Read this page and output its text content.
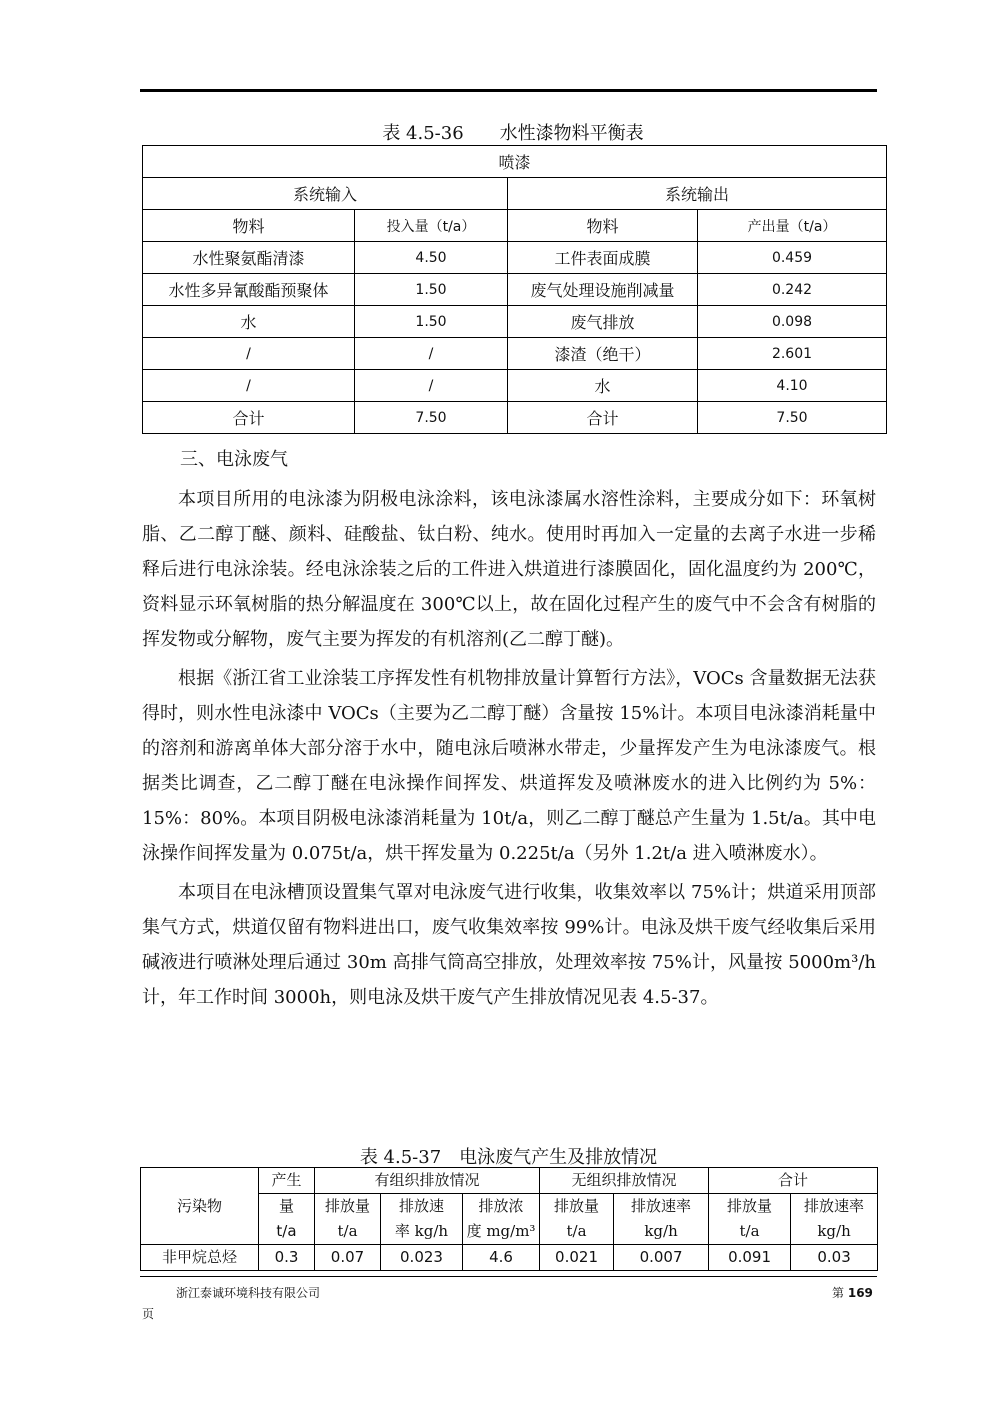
表 4.5-36　　水性漆物料平衡表
喷漆			
系统输入		系统输出	
物料	投入量（t/a）	物料	产出量（t/a）
水性聚氨酯清漆	4.50	工件表面成膜	0.459
水性多异氰酸酯预聚体	1.50	废气处理设施削减量	0.242
水	1.50	废气排放	0.098
/	/	漆渣（绝干）	2.601
/	/	水	4.10
合计	7.50	合计	7.50
三、电泳废气

本项目所用的电泳漆为阴极电泳涂料，该电泳漆属水溶性涂料，主要成分如下：环氧树脂、乙二醇丁醚、颜料、硅酸盐、钛白粉、纯水。使用时再加入一定量的去离子水进一步稀释后进行电泳涂装。经电泳涂装之后的工件进入烘道进行漆膜固化，固化温度约为 200℃，资料显示环氧树脂的热分解温度在 300℃以上，故在固化过程产生的废气中不会含有树脂的挥发物或分解物，废气主要为挥发的有机溶剂(乙二醇丁醚)。

根据《浙江省工业涂装工序挥发性有机物排放量计算暂行方法》，VOCs 含量数据无法获得时，则水性电泳漆中 VOCs（主要为乙二醇丁醚）含量按 15%计。本项目电泳漆消耗量中的溶剂和游离单体大部分溶于水中，随电泳后喷淋水带走，少量挥发产生为电泳漆废气。根据类比调查，乙二醇丁醚在电泳操作间挥发、烘道挥发及喷淋废水的进入比例约为 5%：15%：80%。本项目阴极电泳漆消耗量为 10t/a，则乙二醇丁醚总产生量为 1.5t/a。其中电泳操作间挥发量为 0.075t/a，烘干挥发量为 0.225t/a（另外 1.2t/a 进入喷淋废水）。

本项目在电泳槽顶设置集气罩对电泳废气进行收集，收集效率以 75%计；烘道采用顶部集气方式，烘道仅留有物料进出口，废气收集效率按 99%计。电泳及烘干废气经收集后采用碱液进行喷淋处理后通过 30m 高排气筒高空排放，处理效率按 75%计，风量按 5000m³/h 计，年工作时间 3000h，则电泳及烘干废气产生排放情况见表 4.5-37。

表 4.5-37　电泳废气产生及排放情况
污染物	产生	有组织排放情况			无组织排放情况		合计	
	量	排放量	排放速	排放浓	排放量	排放速率	排放量	排放速率
	t/a	t/a	率 kg/h	度 mg/m³	t/a	kg/h	t/a	kg/h
非甲烷总烃	0.3	0.07	0.023	4.6	0.021	0.007	0.091	0.03
浙江泰诚环境科技有限公司	第 169
页
